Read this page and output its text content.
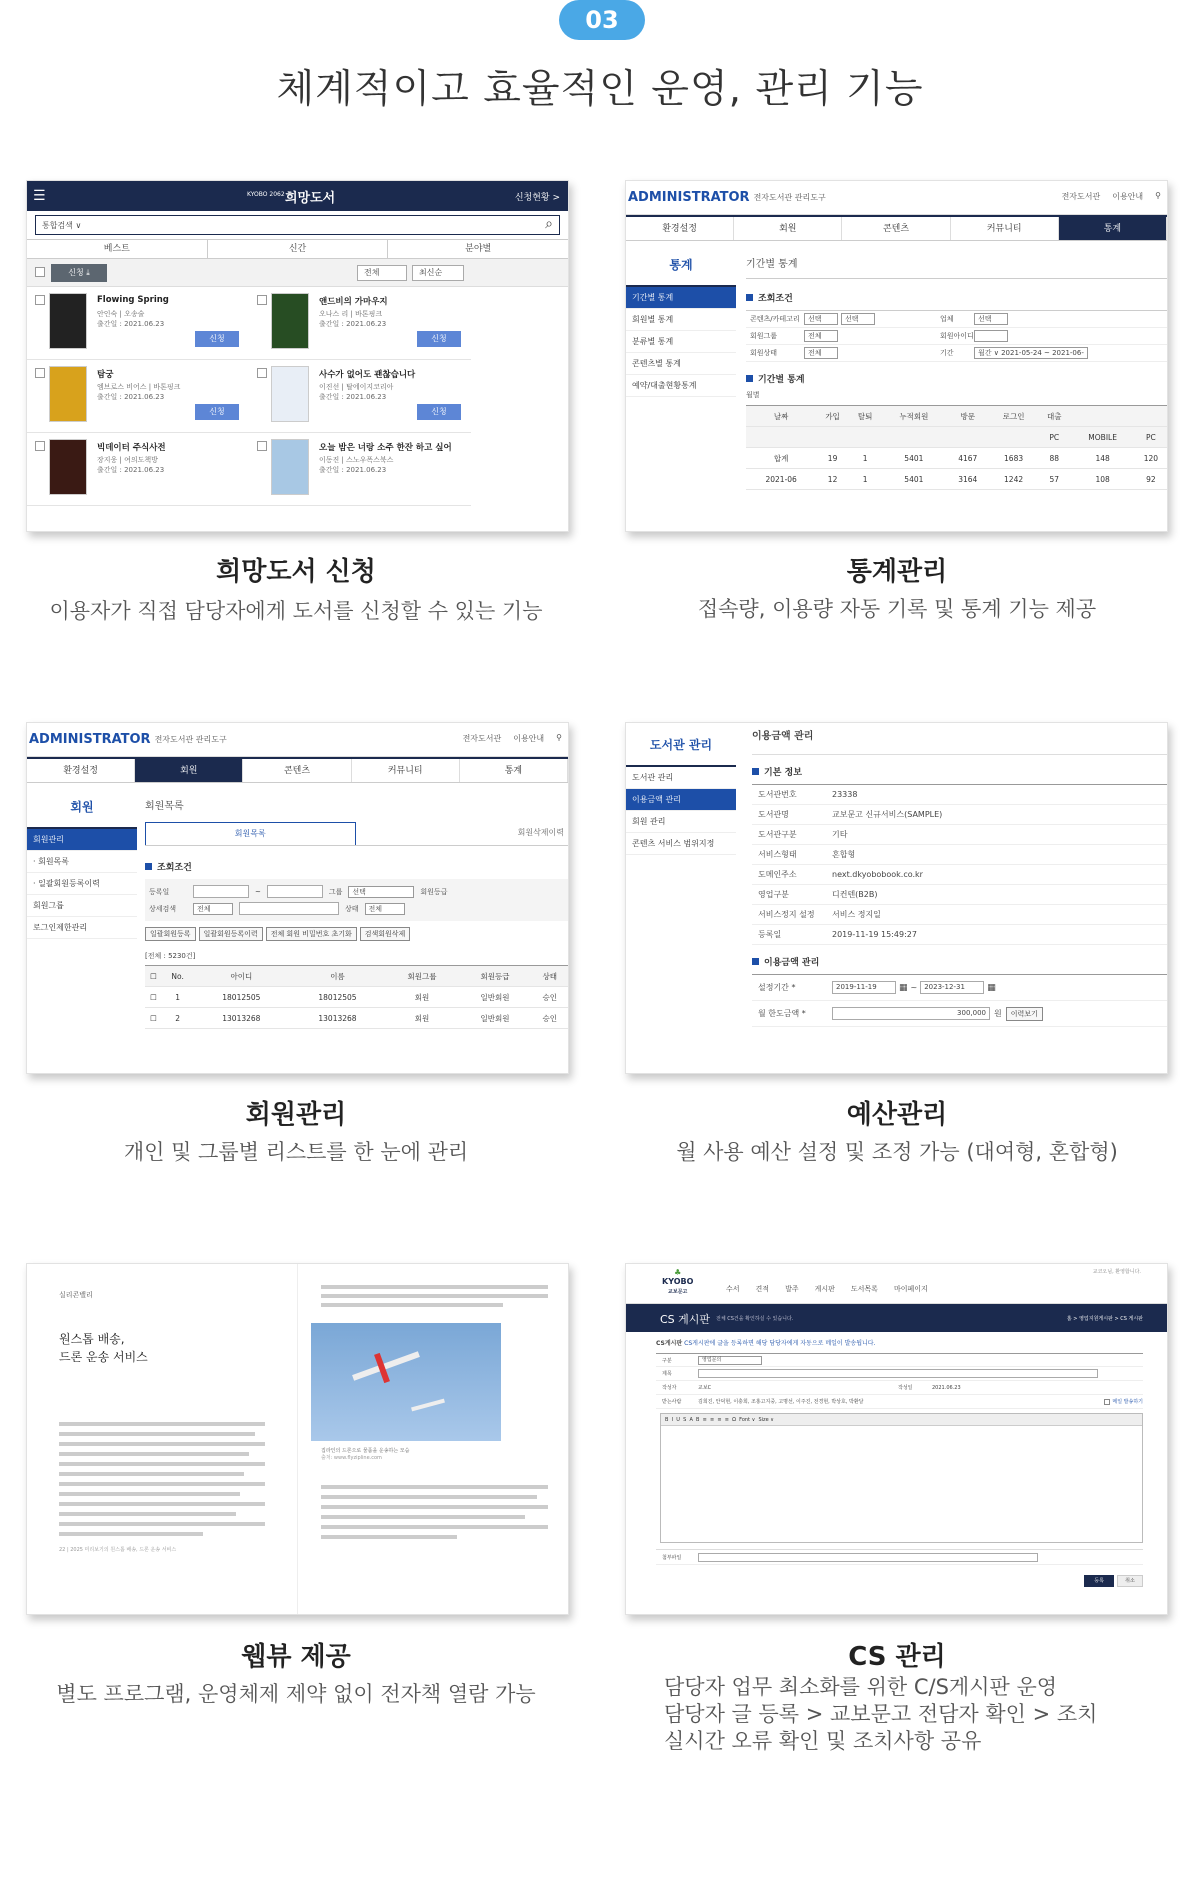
03
체계적이고 효율적인 운영, 관리 기능
☰	KYOBO 2062 희망도서	신청현황 >
통합검색 ∨	⌕
베스트	신간	분야별
신청 ⤓	전체	최신순
Flowing Spring
안인숙 | 오송술
출간일 : 2021.06.23
신청
앤드비의 가마우지
오나스 리 | 바톤핑크
출간일 : 2021.06.23
신청
탐궁
엠브로스 비어스 | 바톤핑크
출간일 : 2021.06.23
신청
사수가 없어도 괜찮습니다
이진선 | 탈에이지코리아
출간일 : 2021.06.23
신청
빅데이터 주식사전
장지웅 | 여의도책방
출간일 : 2021.06.23
오늘 밤은 너랑 소주 한잔 하고 싶어
이동진 | 스노우폭스북스
출간일 : 2021.06.23
희망도서 신청
이용자가 직접 담당자에게 도서를 신청할 수 있는 기능
ADMINISTRATOR 전자도서관 관리도구	전자도서관 이용안내 ⚲
환경설정	회원	콘텐츠	커뮤니티	통계
통계
기간별 통계
회원별 통계
분류별 통계
콘텐츠별 통계
예약/대출현황통계
기간별 통계
조회조건
콘텐츠/카테고리	선택	선택	업체	선택
회원그룹	전체	회원아이디
회원상태	전체	기간	월간 ∨ 2021-05-24 ~ 2021-06-
기간별 통계
월별
날짜	가입	탈퇴	누적회원	방문	로그인	대출		
						PC	MOBILE	PC
합계	19	1	5401	4167	1683	88	148	120
2021-06	12	1	5401	3164	1242	57	108	92
통계관리
접속량, 이용량 자동 기록 및 통계 기능 제공
ADMINISTRATOR 전자도서관 관리도구	전자도서관 이용안내 ⚲
환경설정	회원	콘텐츠	커뮤니티	통계
회원
회원관리
· 회원목록
· 일괄회원등록이력
회원그룹
로그인제한관리
회원목록
회원목록	회원삭제이력
조회조건
등록일	~	그룹	선택	회원등급
상세검색	전체	상태	전체
일괄회원등록	일괄회원등록이력	전체 회원 비밀번호 초기화	검색회원삭제
[전체 : 5230건]
☐	No.	아이디	이름	회원그룹	회원등급	상태
☐	1	18012505	18012505	회원	일반회원	승인
☐	2	13013268	13013268	회원	일반회원	승인
회원관리
개인 및 그룹별 리스트를 한 눈에 관리
도서관 관리
도서관 관리
이용금액 관리
회원 관리
콘텐츠 서비스 범위지정
이용금액 관리
기본 정보
도서관번호	23338
도서관명	교보문고 신규서비스(SAMPLE)
도서관구분	기타
서비스형태	혼합형
도메인주소	next.dkyobobook.co.kr
영업구분	디컨텐(B2B)
서비스정지 설정	서비스 정지일
등록일	2019-11-19 15:49:27
이용금액 관리
설정기간 *	2019-11-19	▦ ~	2023-12-31	▦
월 한도금액 *	300,000	원	이력보기
예산관리
월 사용 예산 설정 및 조정 가능 (대여형, 혼합형)
실리콘밸리
원스톱 배송,
드론 운송 서비스
22 | 2025 미리보기의 원스톱 배송, 드론 운송 서비스
집라인의 드론으로 물품을 운송하는 모습
출처: www.flyzipline.com
웹뷰 제공
별도 프로그램, 운영체제 제약 없이 전자책 열람 가능
♣
KYOBO
교보문고	수서 견적 발주 게시판 도서목록 마이페이지
교코오님, 환영합니다.
CS 게시판 전체 CS건을 확인하실 수 있습니다.	홈 > 영업지원게시판 > CS 게시판
CS게시판 CS게시판에 글을 등록하면 해당 담당자에게 자동으로 메일이 발송됩니다.
구분	영업문의
제목
작성자	교보C	작성일	2021.06.23
받는사람	김희진, 안덕현, 이충희, 조홍고지중, 고명선, 이주진, 전경현, 박상호, 박환달	메일 발송하기
B  I  U  S  A  B  ≡  ≡  ≡  ≡  Ω  Font ∨  Size ∨
첨부파일
등록	취소
CS 관리
담당자 업무 최소화를 위한 C/S게시판 운영
담당자 글 등록 > 교보문고 전담자 확인 > 조치
실시간 오류 확인 및 조치사항 공유
